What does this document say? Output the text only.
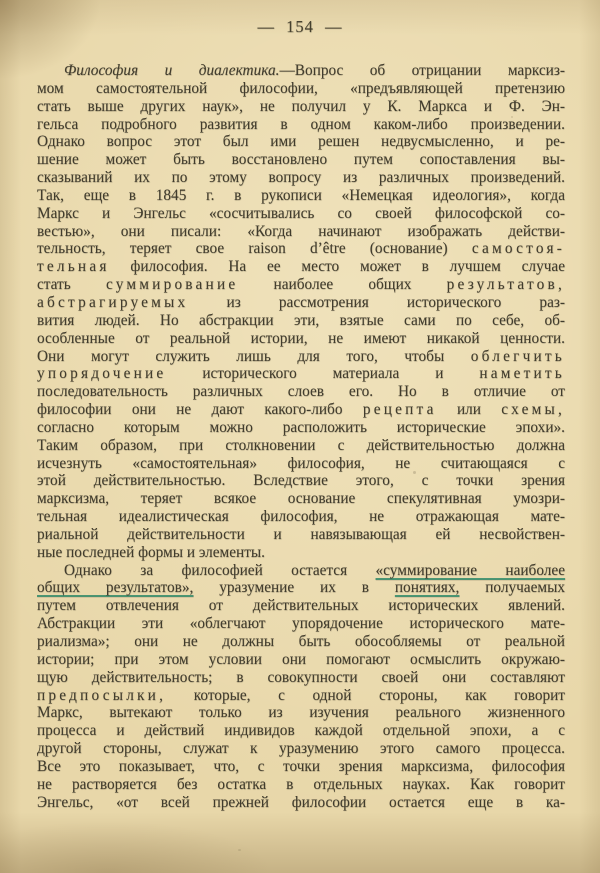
— 154 —
Философия и диалектика.—Вопрос об отрицании марксиз-
мом самостоятельной философии, «предъявляющей претензию
стать выше других наук», не получил у К. Маркса и Ф. Эн-
гельса подробного развития в одном каком-либо произведении.
Однако вопрос этот был ими решен недвусмысленно, и ре-
шение может быть восстановлено путем сопоставления вы-
сказываний их по этому вопросу из различных произведений.
Так, еще в 1845 г. в рукописи «Немецкая идеология», когда
Маркс и Энгельс «сосчитывались со своей философской со-
вестью», они писали: «Когда начинают изображать действи-
тельность, теряет свое raison d’être (основание) самостоя-
тельная философия. На ее место может в лучшем случае
стать суммирование наиболее общих результатов,
абстрагируемых из рассмотрения исторического раз-
вития людей. Но абстракции эти, взятые сами по себе, об-
особленные от реальной истории, не имеют никакой ценности.
Они могут служить лишь для того, чтобы облегчить
упорядочение исторического материала и наметить
последовательность различных слоев его. Но в отличие от
философии они не дают какого-либо рецепта или схемы,
согласно которым можно расположить исторические эпохи».
Таким образом, при столкновении с действительностью должна
исчезнуть «самостоятельная» философия, не считающаяся с
этой действительностью. Вследствие этого, с точки зрения
марксизма, теряет всякое основание спекулятивная умозри-
тельная идеалистическая философия, не отражающая мате-
риальной действительности и навязывающая ей несвойствен-
ные последней формы и элементы.
Однако за философией остается «суммирование наиболее
общих результатов», уразумение их в понятиях, получаемых
путем отвлечения от действительных исторических явлений.
Абстракции эти «облегчают упорядочение исторического мате-
риализма»; они не должны быть обособляемы от реальной
истории; при этом условии они помогают осмыслить окружаю-
щую действительность; в совокупности своей они составляют
предпосылки, которые, с одной стороны, как говорит
Маркс, вытекают только из изучения реального жизненного
процесса и действий индивидов каждой отдельной эпохи, а с
другой стороны, служат к уразумению этого самого процесса.
Все это показывает, что, с точки зрения марксизма, философия
не растворяется без остатка в отдельных науках. Как говорит
Энгельс, «от всей прежней философии остается еще в ка-
